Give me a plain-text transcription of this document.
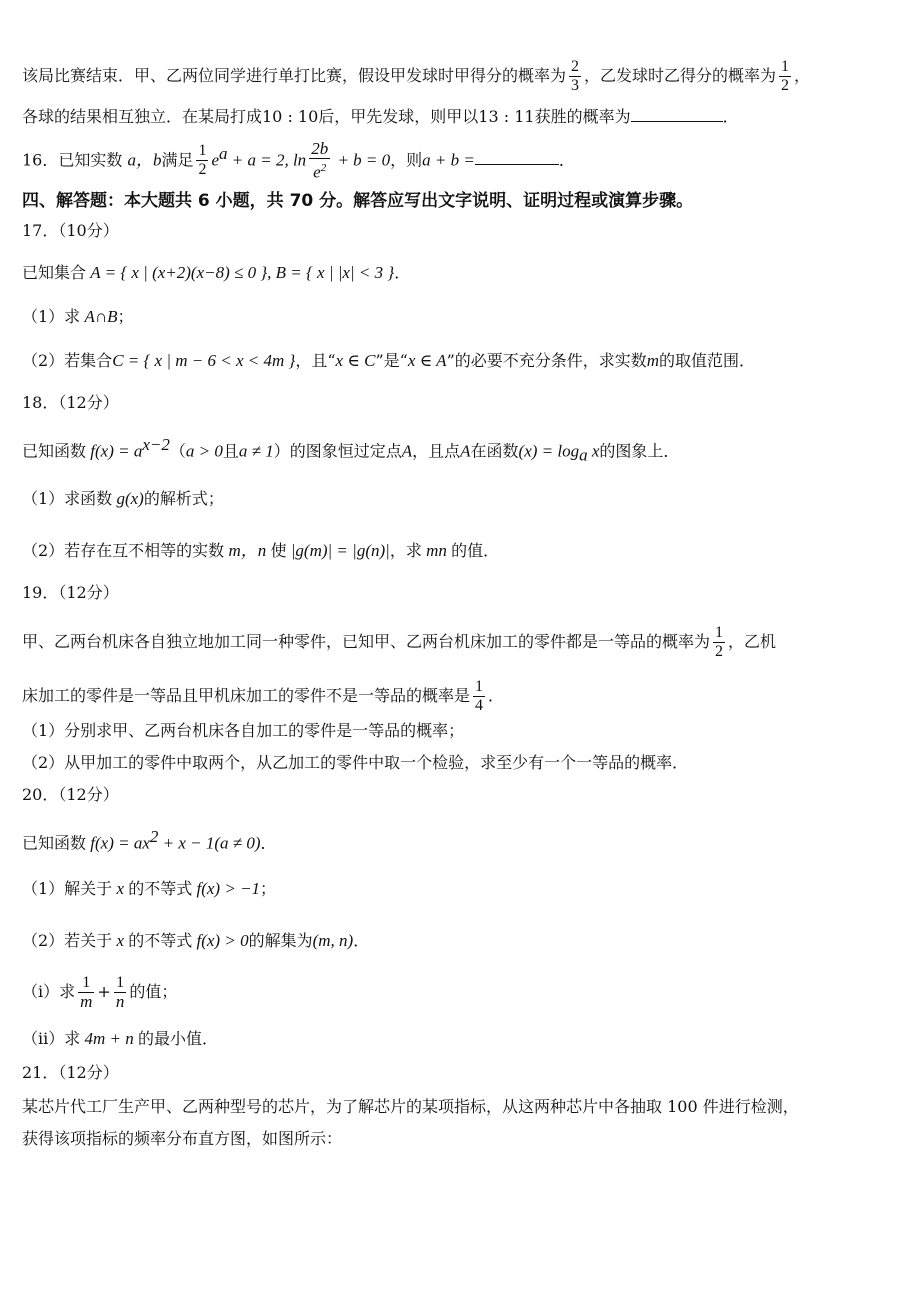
该局比赛结束．甲、乙两位同学进行单打比赛，假设甲发球时甲得分的概率为 $\frac{2}{3}$ ，乙发球时乙得分的概率为 $\frac{1}{2}$ ，
各球的结果相互独立．在某局打成10 : 10后，甲先发球，则甲以13 : 11获胜的概率为	．
16．已知实数 a，b满足 $\frac{1}{2} e^a + a = 2$, $\ln \frac{2b}{e^2} + b = 0$，则a + b =	．
四、解答题：本大题共 6 小题，共 70 分。解答应写出文字说明、证明过程或演算步骤。
17．（10分）
已知集合 A = { x | (x+2)(x−8) ≤ 0 }, B = { x | |x| < 3 }．
（1）求 A∩B；
（2）若集合C = { x | m − 6 < x < 4m }，且“x ∈ C”是“x ∈ A”的必要不充分条件，求实数m的取值范围．
18．（12分）
已知函数 $f(x) = a^{x-2}(a > 0$且a ≠ 1）的图象恒过定点A，且点A在函数$(x) = \log_a x$的图象上．
（1）求函数 g(x)的解析式；
（2）若存在互不相等的实数 m，n 使 |g(m)| = |g(n)|，求 mn 的值．
19．（12分）
甲、乙两台机床各自独立地加工同一种零件，已知甲、乙两台机床加工的零件都是一等品的概率为 $\frac{1}{2}$ ，乙机
床加工的零件是一等品且甲机床加工的零件不是一等品的概率是 $\frac{1}{4}$ ．
（1）分别求甲、乙两台机床各自加工的零件是一等品的概率；
（2）从甲加工的零件中取两个，从乙加工的零件中取一个检验，求至少有一个一等品的概率．
20．（12分）
已知函数 $f(x) = ax^2 + x - 1(a \ne 0)$．
（1）解关于 x 的不等式 f(x) > −1；
（2）若关于 x 的不等式 f(x) > 0的解集为(m, n)．
（i）求 $\frac{1}{m} + \frac{1}{n}$ 的值；
（ii）求 4m + n 的最小值．
21．（12分）
某芯片代工厂生产甲、乙两种型号的芯片，为了解芯片的某项指标，从这两种芯片中各抽取 100 件进行检测，
获得该项指标的频率分布直方图，如图所示：
